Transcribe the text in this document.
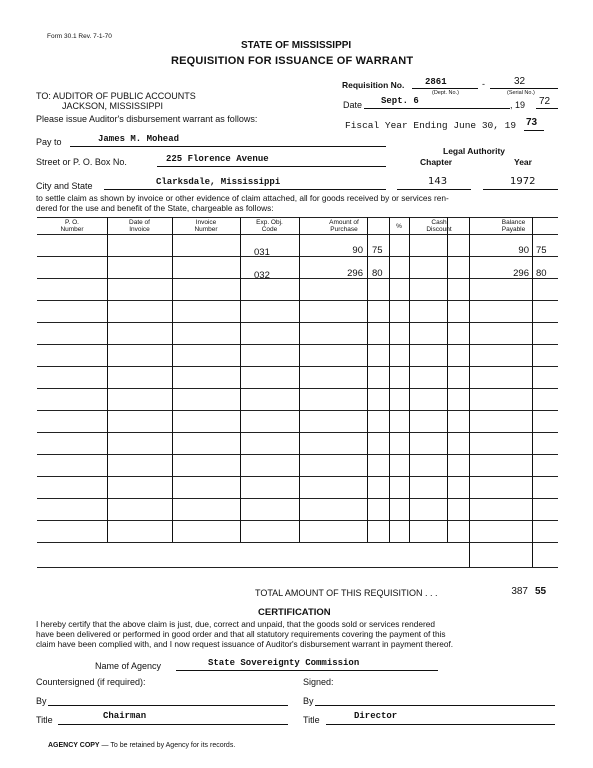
Form 30.1 Rev. 7-1-70
STATE OF MISSISSIPPI
REQUISITION FOR ISSUANCE OF WARRANT
Requisition No. 2861	-	32
(Dept. No.)	(Serial No.)
TO: AUDITOR OF PUBLIC ACCOUNTS
JACKSON, MISSISSIPPI	Date Sept. 6	, 19 72
Please issue Auditor's disbursement warrant as follows:
Fiscal Year Ending June 30, 19 73
Pay to	James M. Mohead
Legal Authority
Chapter	Year
Street or P. O. Box No.	225 Florence Avenue
City and State	Clarksdale, Mississippi	143	1972
to settle claim as shown by invoice or other evidence of claim attached, all for goods received by or services ren-
dered for the use and benefit of the State, chargeable as follows:
P. O.
Number
Date of
Invoice
Invoice
Number
Exp. Obj.
Code
Amount of
Purchase	%
Cash
Discount
Balance
Payable
031	90 75	90 75
032	296 80	296 80
TOTAL AMOUNT OF THIS REQUISITION . . .	387 55
CERTIFICATION
I hereby certify that the above claim is just, due, correct and unpaid, that the goods sold or services rendered
have been delivered or performed in good order and that all statutory requirements covering the payment of this
claim have been complied with, and I now request issuance of Auditor's disbursement warrant in payment thereof.
Name of Agency	State Sovereignty Commission
Countersigned (if required):	Signed:
By	By
Title	Chairman	Title	Director
AGENCY COPY — To be retained by Agency for its records.
